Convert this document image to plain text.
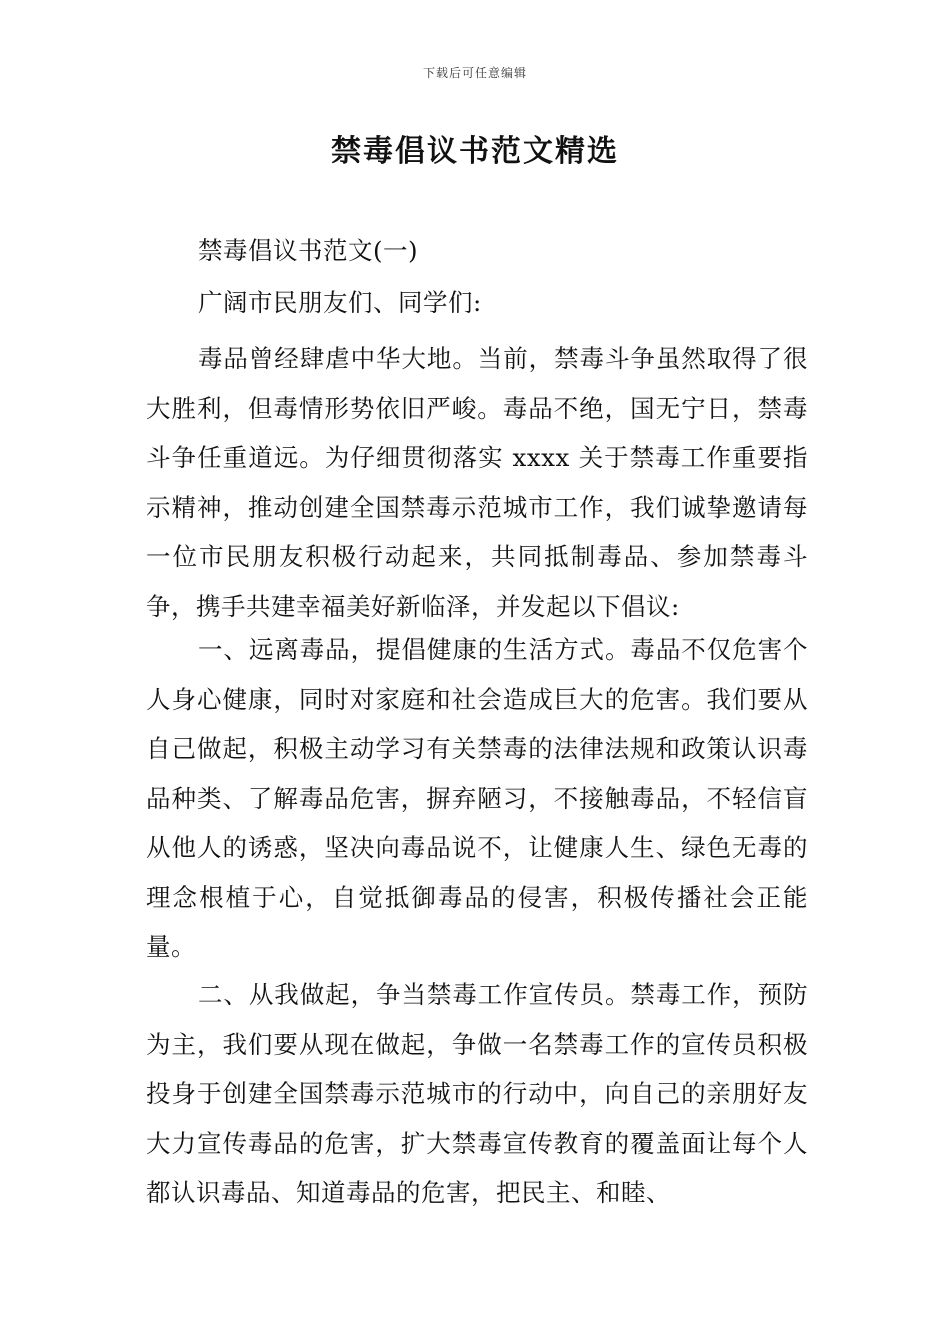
下载后可任意编辑
禁毒倡议书范文精选
禁毒倡议书范文(一)
广阔市民朋友们、同学们:
毒品曾经肆虐中华大地。当前，禁毒斗争虽然取得了很大胜利，但毒情形势依旧严峻。毒品不绝，国无宁日，禁毒斗争任重道远。为仔细贯彻落实 xxxx 关于禁毒工作重要指示精神，推动创建全国禁毒示范城市工作，我们诚挚邀请每一位市民朋友积极行动起来，共同抵制毒品、参加禁毒斗争，携手共建幸福美好新临泽，并发起以下倡议:
一、远离毒品，提倡健康的生活方式。毒品不仅危害个人身心健康，同时对家庭和社会造成巨大的危害。我们要从自己做起，积极主动学习有关禁毒的法律法规和政策认识毒品种类、了解毒品危害，摒弃陋习，不接触毒品，不轻信盲从他人的诱惑，坚决向毒品说不，让健康人生、绿色无毒的理念根植于心，自觉抵御毒品的侵害，积极传播社会正能量。
二、从我做起，争当禁毒工作宣传员。禁毒工作，预防为主，我们要从现在做起，争做一名禁毒工作的宣传员积极投身于创建全国禁毒示范城市的行动中，向自己的亲朋好友大力宣传毒品的危害，扩大禁毒宣传教育的覆盖面让每个人都认识毒品、知道毒品的危害，把民主、和睦、
